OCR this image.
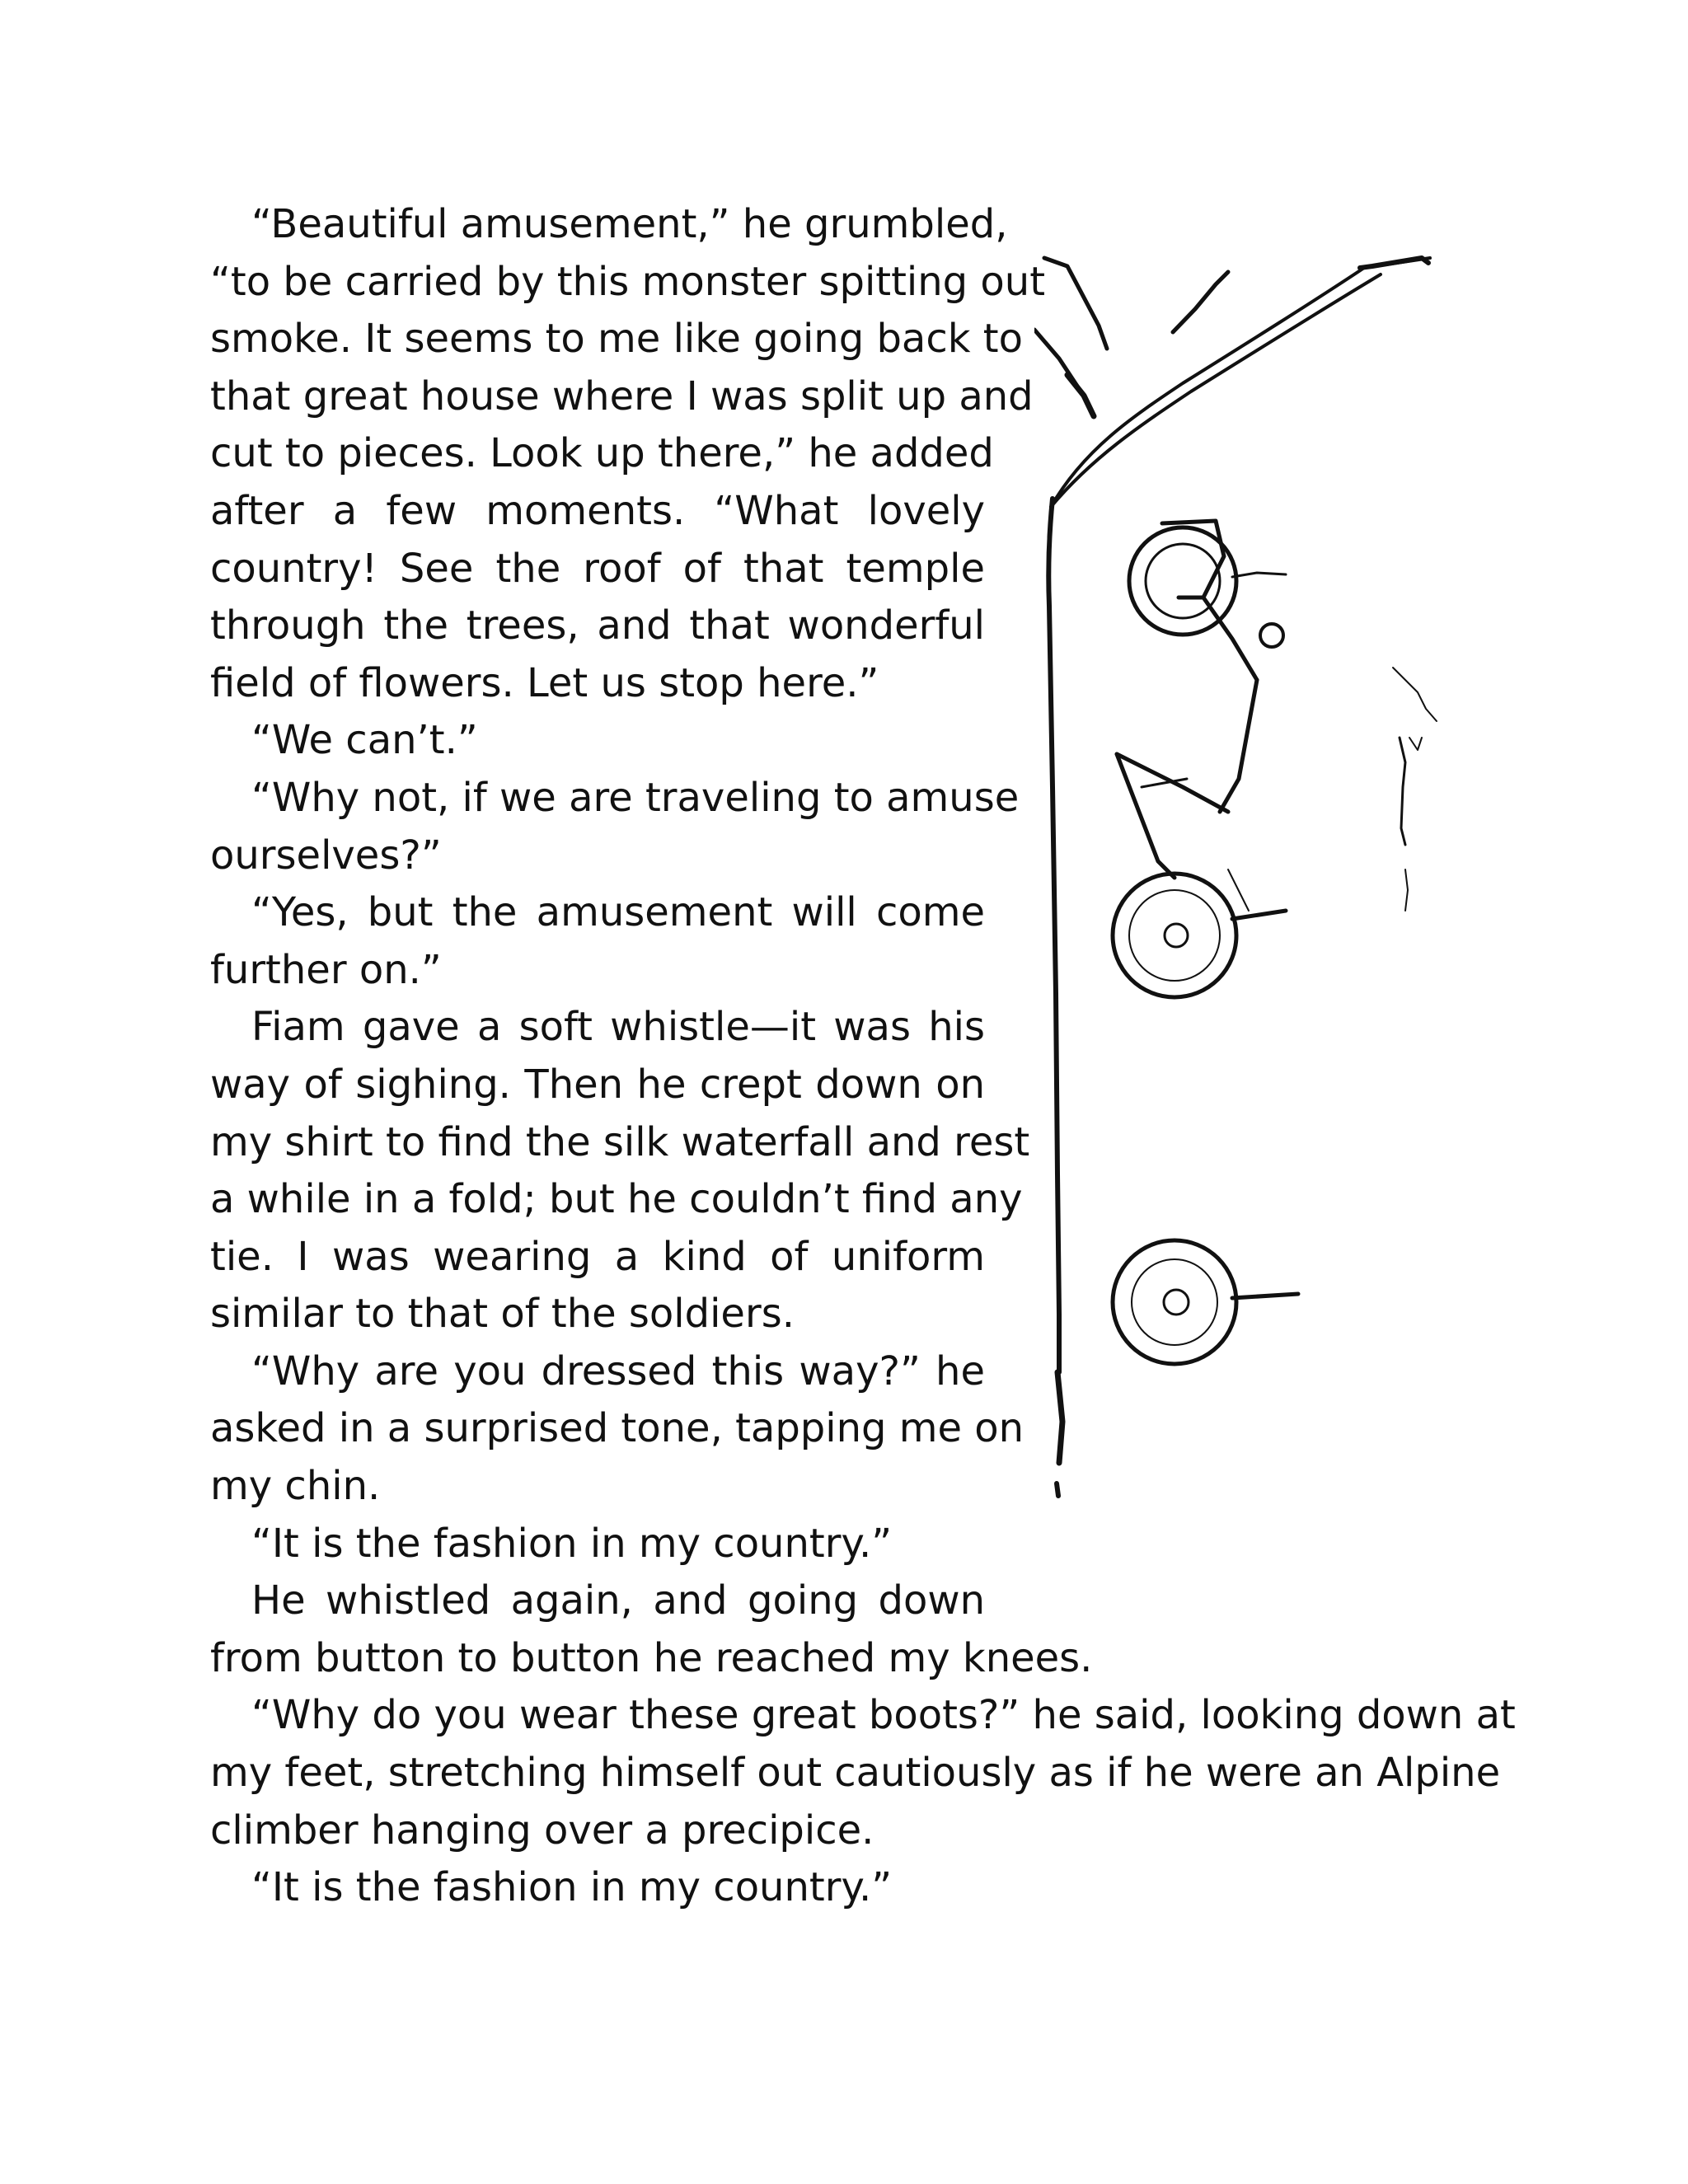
“Beautiful amusement,” he grumbled,
“to be carried by this monster spitting out
smoke. It seems to me like going back to
that great house where I was split up and
cut to pieces. Look up there,” he added
after a few moments. “What lovely
country! See the roof of that temple
through the trees, and that wonderful
field of flowers. Let us stop here.”
“We can’t.”
“Why not, if we are traveling to amuse
ourselves?”
“Yes, but the amusement will come
further on.”
Fiam gave a soft whistle—it was his
way of sighing. Then he crept down on
my shirt to find the silk waterfall and rest
a while in a fold; but he couldn’t find any
tie. I was wearing a kind of uniform
similar to that of the soldiers.
“Why are you dressed this way?” he
asked in a surprised tone, tapping me on
my chin.
“It is the fashion in my country.”
He whistled again, and going down
from button to button he reached my knees.
“Why do you wear these great boots?” he said, looking down at
my feet, stretching himself out cautiously as if he were an Alpine
climber hanging over a precipice.
“It is the fashion in my country.”
